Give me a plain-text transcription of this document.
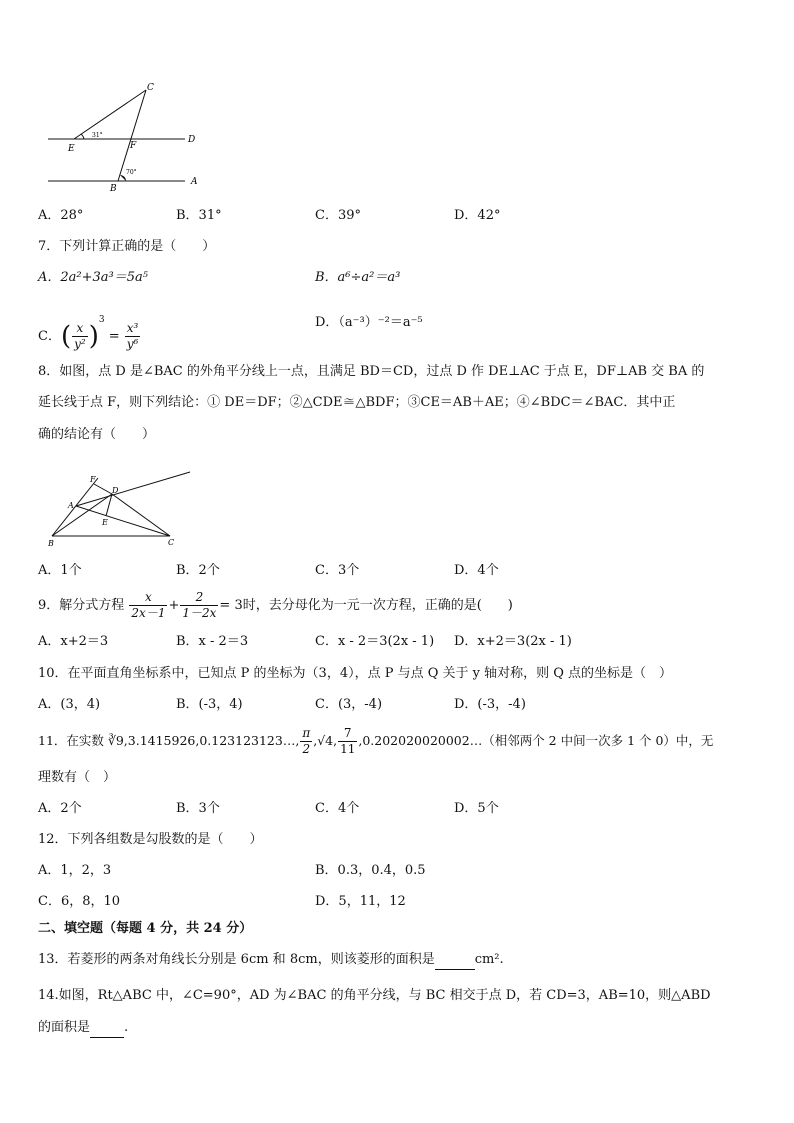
C
D
E	F
B
A
31°
70°
A．28°	B．31°	C．39°	D．42°
7．下列计算正确的是（　　）
A．2a²+3a³＝5a⁵	B．a⁶÷a²＝a³
C．( $\frac{x}{\text{y²}} )^3 = \frac{\text{x³}}{\text{y⁶}}$	D．（a⁻³）⁻²＝a⁻⁵
8．如图，点 D 是∠BAC 的外角平分线上一点，且满足 BD＝CD，过点 D 作 DE⊥AC 于点 E，DF⊥AB 交 BA 的
延长线于点 F，则下列结论：① DE＝DF；②△CDE≅△BDF；③CE＝AB＋AE；④∠BDC＝∠BAC．其中正
确的结论有（　　）
F
D
A
E
B	C
A．1个	B．2个	C．3个	D．4个
9．解分式方程 $\frac{x}{2x-1} + \frac{2}{1-2x} = 3$时，去分母化为一元一次方程，正确的是(　　)
A．x+2＝3	B．x - 2＝3	C．x - 2＝3(2x - 1) D．x+2＝3(2x - 1)
10．在平面直角坐标系中，已知点 P 的坐标为（3，4），点 P 与点 Q 关于 y 轴对称，则 Q 点的坐标是（　）
A．(3，4)	B．(-3，4)	C．(3，-4)	D．(-3，-4)
11．在实数 ∛9,3.1415926,0.123123123…, $\frac{\pi}{2} ,√4$, $\frac{7}{11}$ ,0.202020020002…（相邻两个 2 中间一次多 1 个 0）中，无
理数有（　）
A．2个	B．3个	C．4个	D．5个
12．下列各组数是勾股数的是（　　）
A．1，2，3	B．0.3，0.4，0.5
C．6，8，10	D．5，11，12
二、填空题（每题 4 分，共 24 分）
13．若菱形的两条对角线长分别是 6cm 和 8cm，则该菱形的面积是	cm².
14.如图，Rt△ABC 中，∠C=90°，AD 为∠BAC 的角平分线，与 BC 相交于点 D，若 CD=3，AB=10，则△ABD
的面积是	.
